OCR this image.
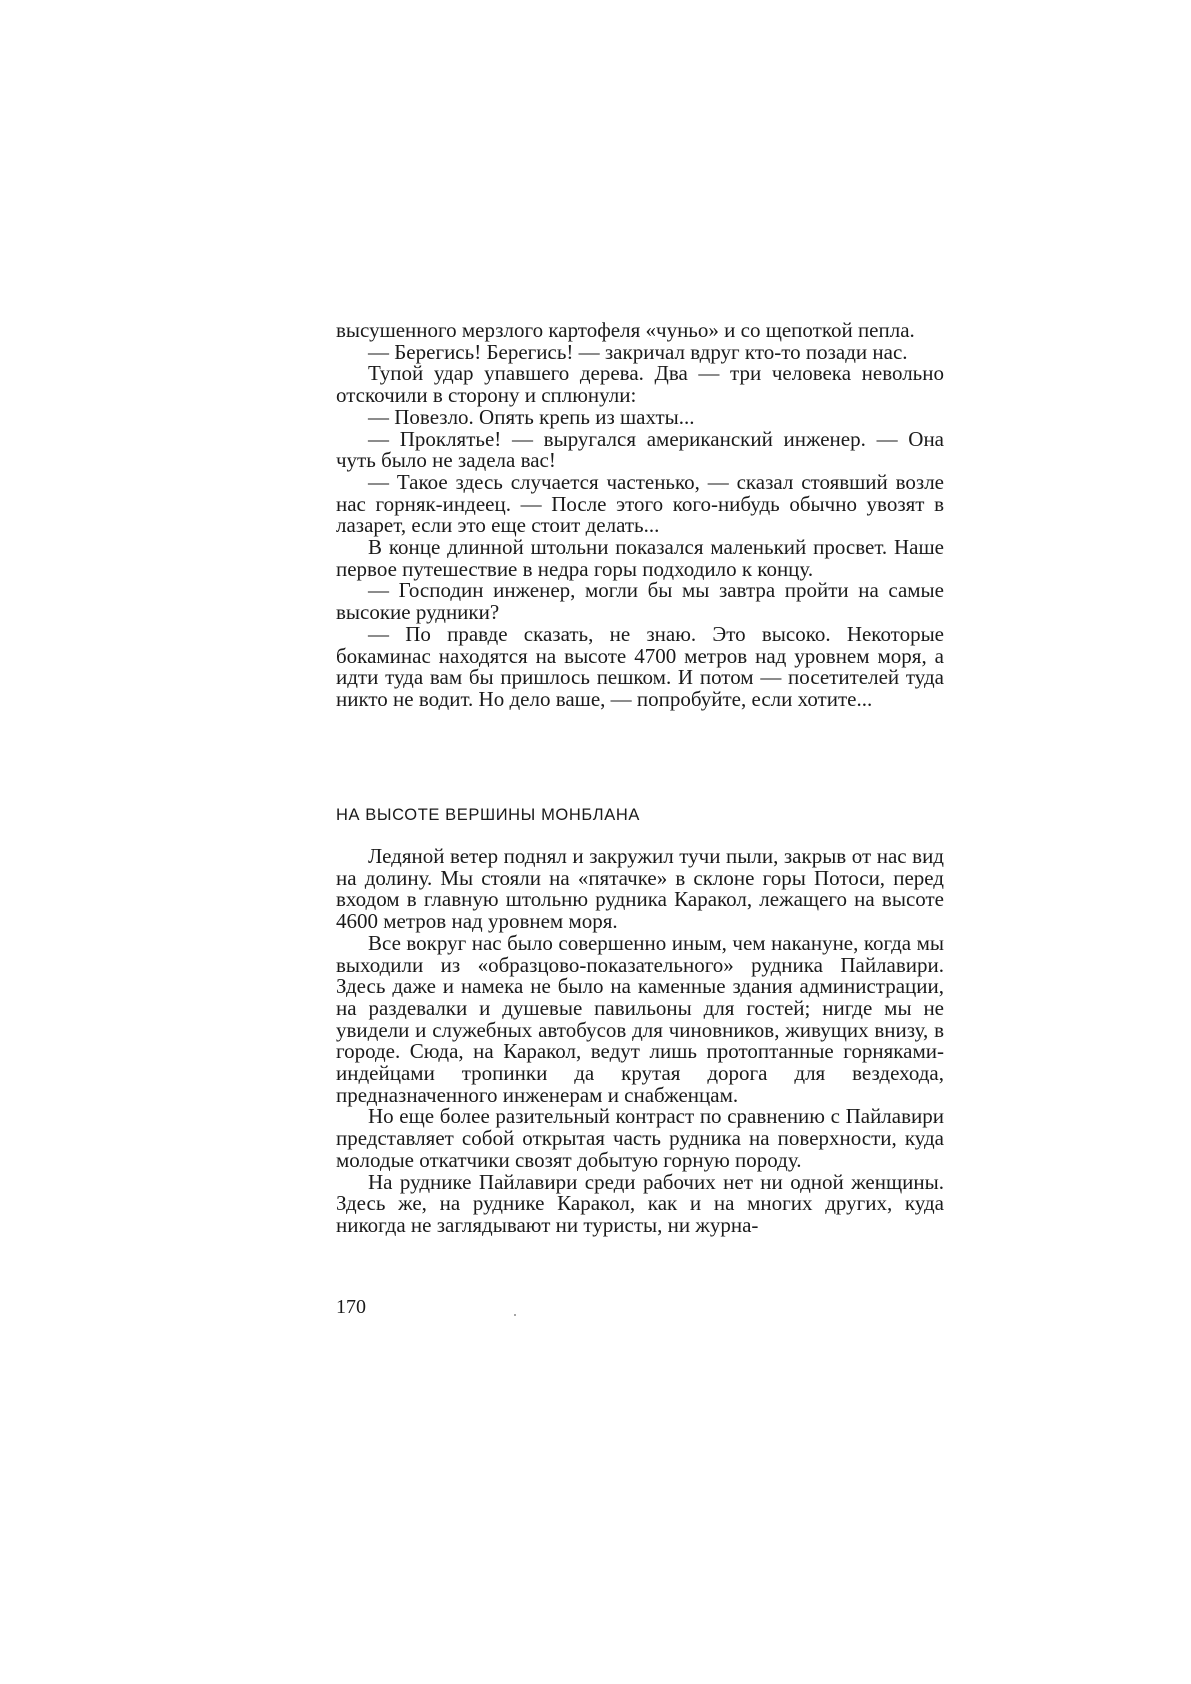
высушенного мерзлого картофеля «чуньо» и со щепоткой пепла.

— Берегись! Берегись! — закричал вдруг кто-то позади нас.

Тупой удар упавшего дерева. Два — три человека невольно отскочили в сторону и сплюнули:

— Повезло. Опять крепь из шахты...

— Проклятье! — выругался американский инженер. — Она чуть было не задела вас!

— Такое здесь случается частенько, — сказал стоявший возле нас горняк-индеец. — После этого кого-нибудь обычно увозят в лазарет, если это еще стоит делать...

В конце длинной штольни показался маленький просвет. Наше первое путешествие в недра горы подходило к концу.

— Господин инженер, могли бы мы завтра пройти на самые высокие рудники?

— По правде сказать, не знаю. Это высоко. Некоторые бокаминас находятся на высоте 4700 метров над уровнем моря, а идти туда вам бы пришлось пешком. И потом — посетителей туда никто не водит. Но дело ваше, — попробуйте, если хотите...

НА ВЫСОТЕ ВЕРШИНЫ МОНБЛАНА

Ледяной ветер поднял и закружил тучи пыли, закрыв от нас вид на долину. Мы стояли на «пятачке» в склоне горы Потоси, перед входом в главную штольню рудника Каракол, лежащего на высоте 4600 метров над уровнем моря.

Все вокруг нас было совершенно иным, чем накануне, когда мы выходили из «образцово-показательного» рудника Пайлавири. Здесь даже и намека не было на каменные здания администрации, на раздевалки и душевые павильоны для гостей; нигде мы не увидели и служебных автобусов для чиновников, живущих внизу, в городе. Сюда, на Каракол, ведут лишь протоптанные горняками-индейцами тропинки да крутая дорога для вездехода, предназначенного инженерам и снабженцам.

Но еще более разительный контраст по сравнению с Пайлавири представляет собой открытая часть рудника на поверхности, куда молодые откатчики свозят добытую горную породу.

На руднике Пайлавири среди рабочих нет ни одной женщины. Здесь же, на руднике Каракол, как и на многих других, куда никогда не заглядывают ни туристы, ни журна-

170
